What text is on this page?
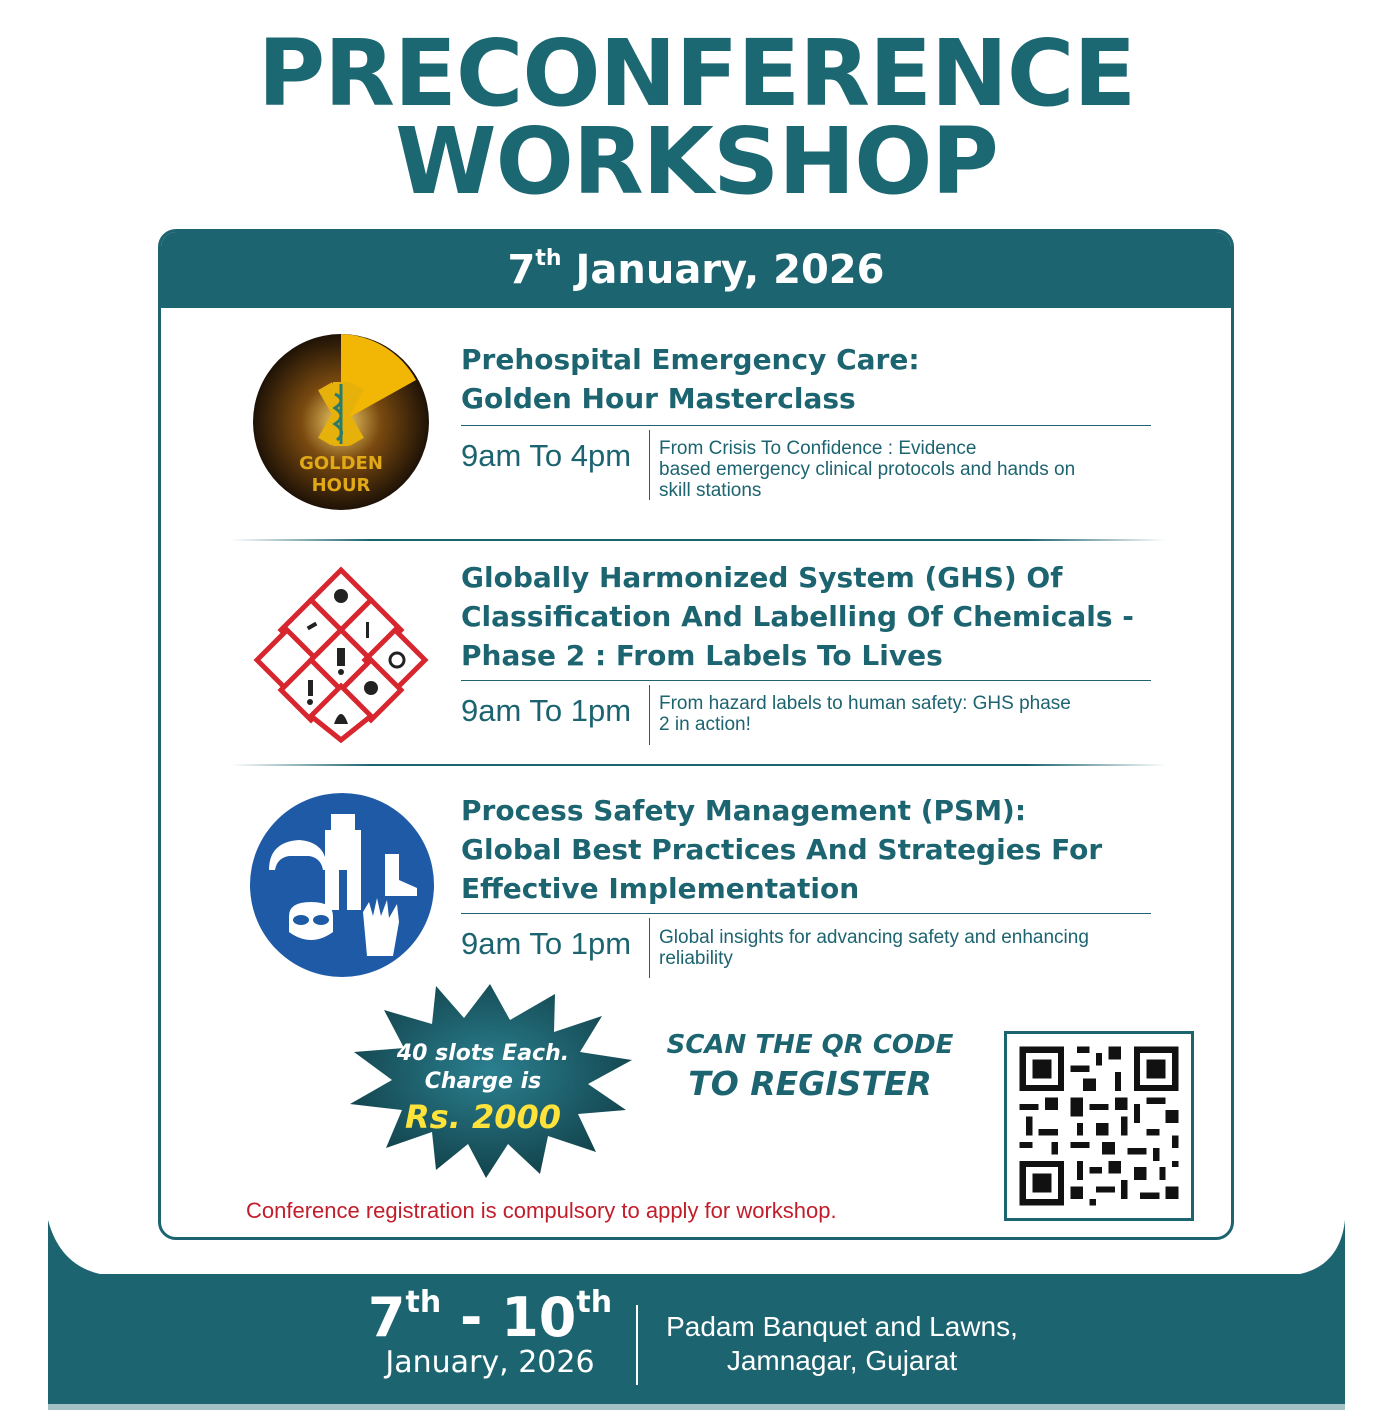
PRECONFERENCE
WORKSHOP
7th January, 2026
GOLDEN
HOUR
Prehospital Emergency Care:
Golden Hour Masterclass
9am To 4pm From Crisis To Confidence : Evidence
based emergency clinical protocols and hands on
skill stations
Globally Harmonized System (GHS) Of
Classification And Labelling Of Chemicals -
Phase 2 : From Labels To Lives
9am To 1pm From hazard labels to human safety: GHS phase
2 in action!
Process Safety Management (PSM):
Global Best Practices And Strategies For
Effective Implementation
9am To 1pm Global insights for advancing safety and enhancing
reliability
40 slots Each.
Charge is
Rs. 2000
SCAN THE QR CODE
TO REGISTER
Conference registration is compulsory to apply for workshop.
7th - 10th
January, 2026
Padam Banquet and Lawns,
Jamnagar, Gujarat
